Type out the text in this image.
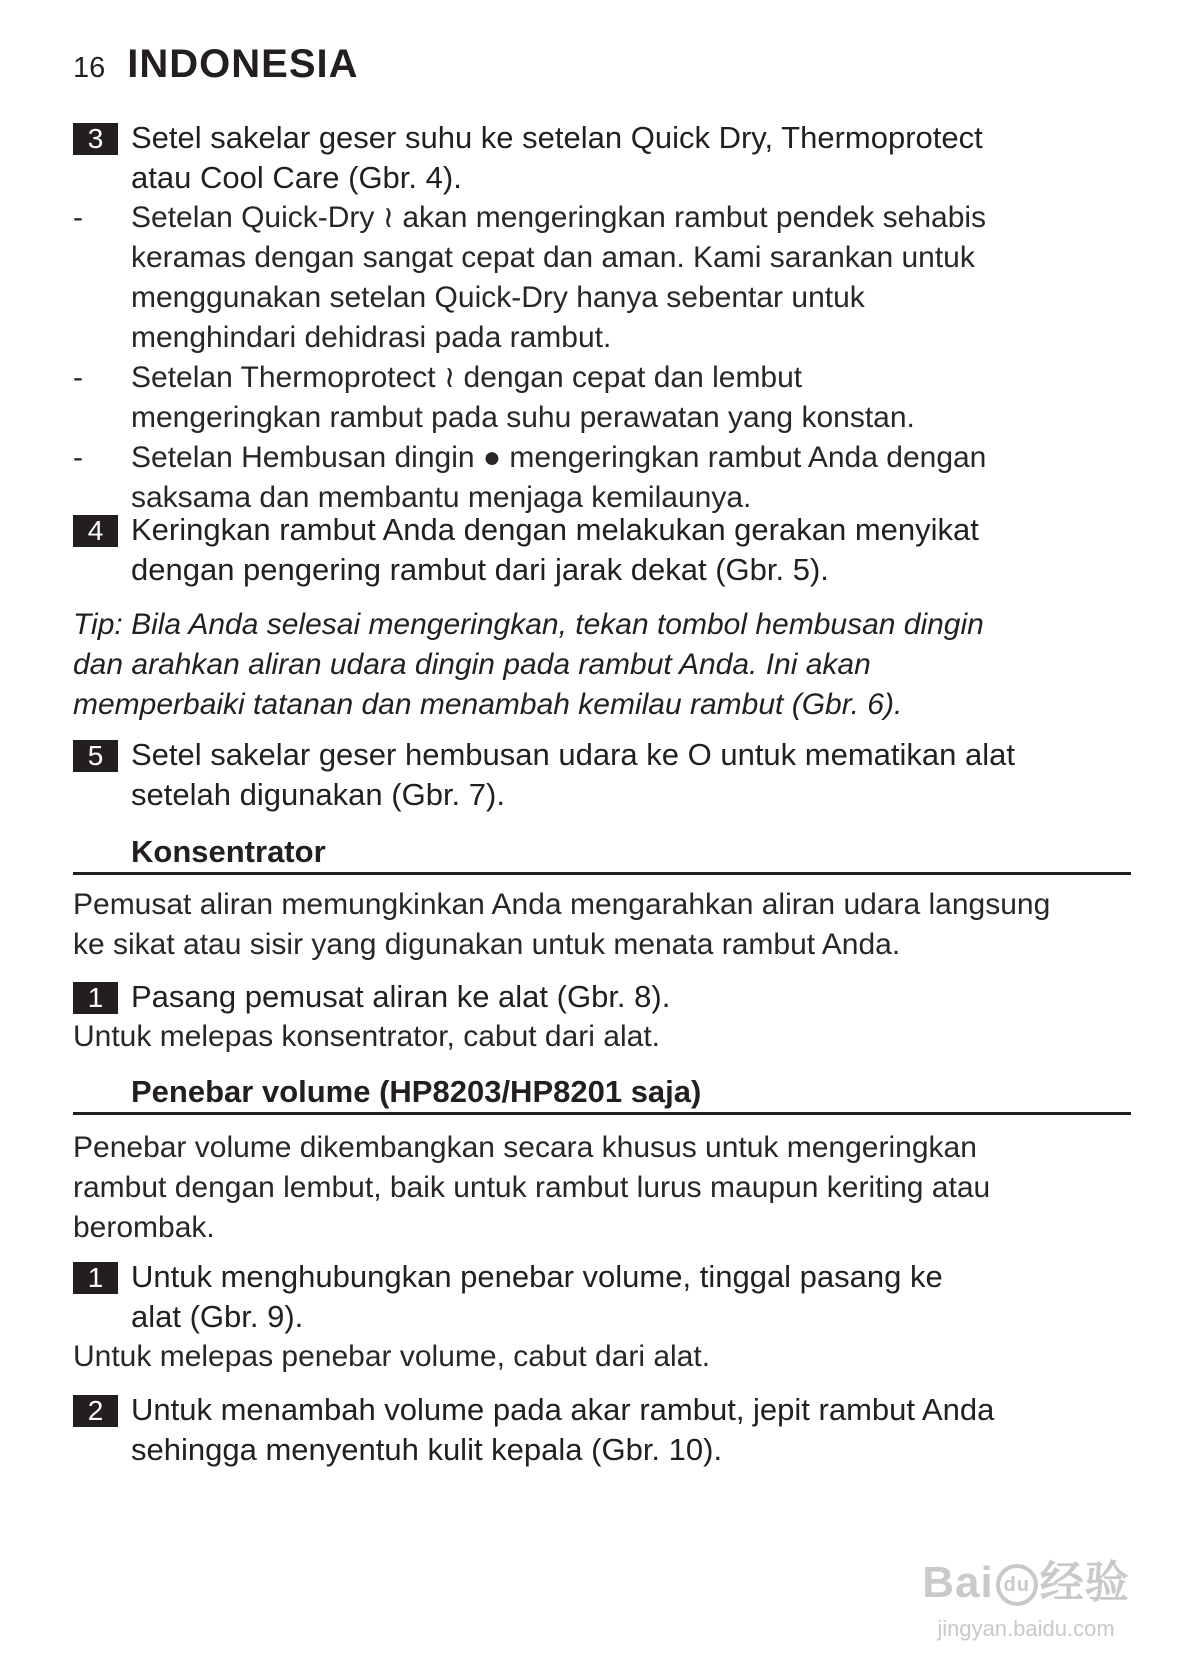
16 INDONESIA
3 Setel sakelar geser suhu ke setelan Quick Dry, Thermoprotect atau Cool Care (Gbr. 4).
- Setelan Quick-Dry ≀ akan mengeringkan rambut pendek sehabis keramas dengan sangat cepat dan aman. Kami sarankan untuk menggunakan setelan Quick-Dry hanya sebentar untuk menghindari dehidrasi pada rambut.
- Setelan Thermoprotect ≀ dengan cepat dan lembut mengeringkan rambut pada suhu perawatan yang konstan.
- Setelan Hembusan dingin ● mengeringkan rambut Anda dengan saksama dan membantu menjaga kemilaunya.
4 Keringkan rambut Anda dengan melakukan gerakan menyikat dengan pengering rambut dari jarak dekat (Gbr. 5).
Tip: Bila Anda selesai mengeringkan, tekan tombol hembusan dingin dan arahkan aliran udara dingin pada rambut Anda. Ini akan memperbaiki tatanan dan menambah kemilau rambut (Gbr. 6).
5 Setel sakelar geser hembusan udara ke O untuk mematikan alat setelah digunakan (Gbr. 7).
Konsentrator
Pemusat aliran memungkinkan Anda mengarahkan aliran udara langsung ke sikat atau sisir yang digunakan untuk menata rambut Anda.
1 Pasang pemusat aliran ke alat (Gbr. 8).
Untuk melepas konsentrator, cabut dari alat.
Penebar volume (HP8203/HP8201 saja)
Penebar volume dikembangkan secara khusus untuk mengeringkan rambut dengan lembut, baik untuk rambut lurus maupun keriting atau berombak.
1 Untuk menghubungkan penebar volume, tinggal pasang ke alat (Gbr. 9).
Untuk melepas penebar volume, cabut dari alat.
2 Untuk menambah volume pada akar rambut, jepit rambut Anda sehingga menyentuh kulit kepala (Gbr. 10).
Bai du 经验
jingyan.baidu.com
